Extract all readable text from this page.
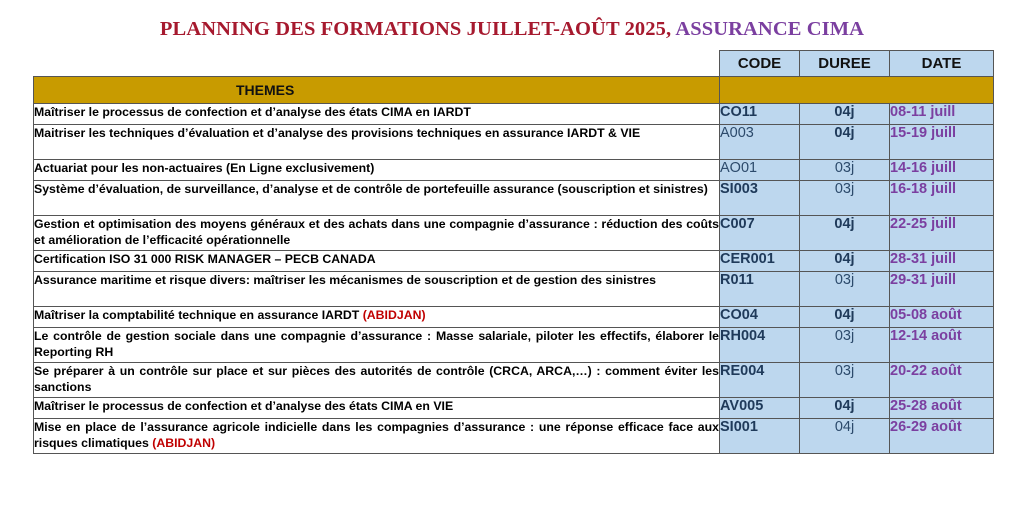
PLANNING DES FORMATIONS JUILLET-AOÛT 2025, ASSURANCE CIMA
	CODE	DUREE	DATE
THEMES			
Maîtriser le processus de confection et d’analyse des états CIMA en IARDT	CO11	04j	08-11 juill
Maitriser les techniques d’évaluation et d’analyse des provisions techniques en assurance IARDT & VIE	A003	04j	15-19 juill
Actuariat pour les non-actuaires (En Ligne exclusivement)	AO01	03j	14-16 juill
Système d’évaluation, de surveillance, d’analyse et de contrôle de portefeuille assurance (souscription et sinistres)	SI003	03j	16-18 juill
Gestion et optimisation des moyens généraux et des achats dans une compagnie d’assurance : réduction des coûts et amélioration de l’efficacité opérationnelle	C007	04j	22-25 juill
Certification ISO 31 000 RISK MANAGER – PECB CANADA	CER001	04j	28-31 juill
Assurance maritime et risque divers: maîtriser les mécanismes de souscription et de gestion des sinistres	R011	03j	29-31 juill
Maîtriser la comptabilité technique en assurance IARDT (ABIDJAN)	CO04	04j	05-08 août
Le contrôle de gestion sociale dans une compagnie d’assurance : Masse salariale, piloter les effectifs, élaborer le Reporting RH	RH004	03j	12-14 août
Se préparer à un contrôle sur place et sur pièces des autorités de contrôle (CRCA, ARCA,…) : comment éviter les sanctions	RE004	03j	20-22 août
Maîtriser le processus de confection et d’analyse des états CIMA en VIE	AV005	04j	25-28 août
Mise en place de l’assurance agricole indicielle dans les compagnies d’assurance : une réponse efficace face aux risques climatiques (ABIDJAN)	SI001	04j	26-29 août
